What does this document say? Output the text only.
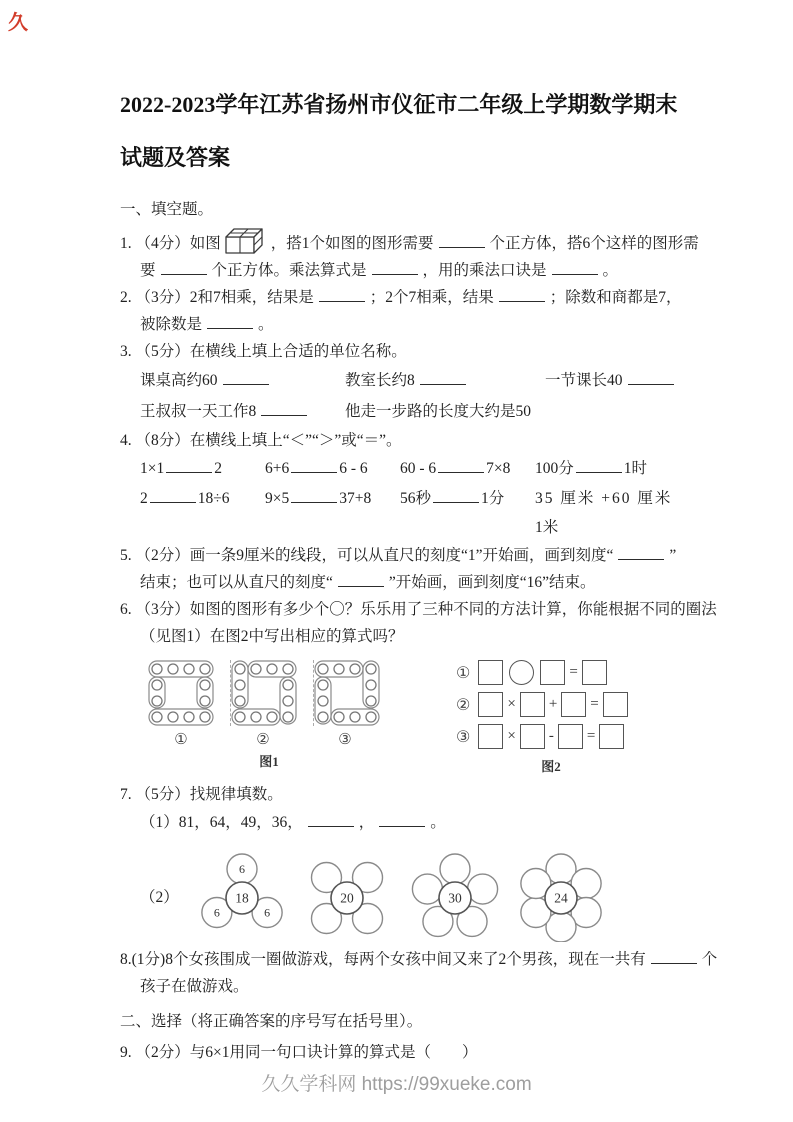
久
2022-2023学年江苏省扬州市仪征市二年级上学期数学期末
试题及答案
一、填空题。
1. （4分）如图	，搭1个如图的图形需要	个正方体，搭6个这样的图形需
要	个正方体。乘法算式是	，用的乘法口诀是	。
2. （3分）2和7相乘，结果是	；2个7相乘，结果	；除数和商都是7，
被除数是	。
3. （5分）在横线上填上合适的单位名称。
课桌高约60	教室长约8	一节课长40
王叔叔一天工作8	他走一步路的长度大约是50
4. （8分）在横线上填上“＜”“＞”或“＝”。
1×1	2	6+6	6 - 6	60 - 6	7×8	100分	1时
2	18÷6	9×5	37+8	56秒	1分	35 厘米 +60 厘米
1米
5. （2分）画一条9厘米的线段，可以从直尺的刻度“1”开始画，画到刻度“	”
结束；也可以从直尺的刻度“	”开始画，画到刻度“16”结束。
6. （3分）如图的图形有多少个〇？乐乐用了三种不同的方法计算，你能根据不同的圈法
（见图1）在图2中写出相应的算式吗？
①	②	③
图1
①	=
② × + =
③ × - =
图2
7. （5分）找规律填数。
（1）81，64，49，36，	，	。
（2）
6
6
6
18	20	30	24
8.(1分)8个女孩围成一圈做游戏，每两个女孩中间又来了2个男孩，现在一共有	个
孩子在做游戏。
二、选择（将正确答案的序号写在括号里）。
9. （2分）与6×1用同一句口诀计算的算式是（　　）
久久学科网 https://99xueke.com
